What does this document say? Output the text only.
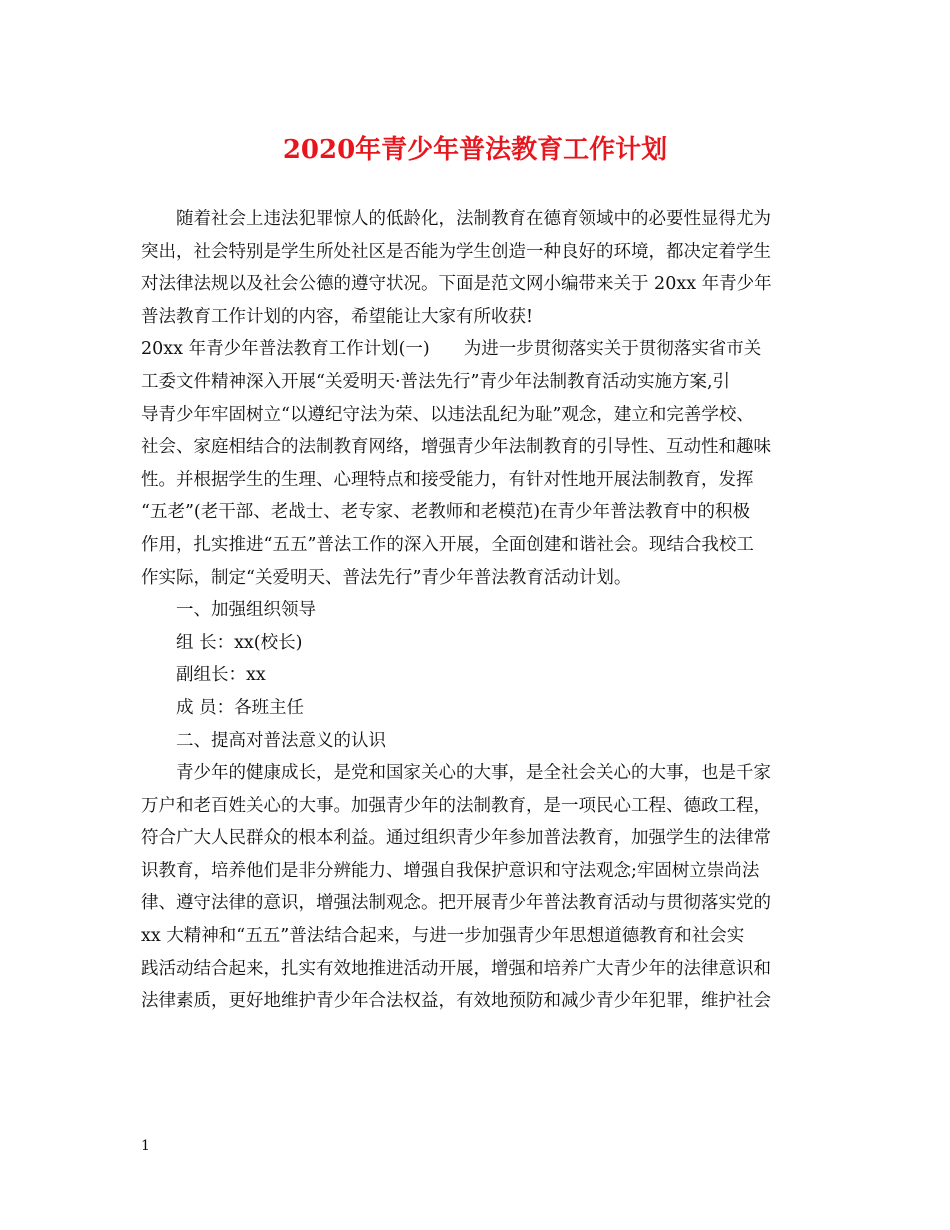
2020年青少年普法教育工作计划
随着社会上违法犯罪惊人的低龄化，法制教育在德育领域中的必要性显得尤为
突出，社会特别是学生所处社区是否能为学生创造一种良好的环境，都决定着学生
对法律法规以及社会公德的遵守状况。下面是范文网小编带来关于 20xx 年青少年
普法教育工作计划的内容，希望能让大家有所收获!
20xx 年青少年普法教育工作计划(一) 为进一步贯彻落实关于贯彻落实省市关
工委文件精神深入开展“关爱明天·普法先行”青少年法制教育活动实施方案,引
导青少年牢固树立“以遵纪守法为荣、以违法乱纪为耻”观念，建立和完善学校、
社会、家庭相结合的法制教育网络，增强青少年法制教育的引导性、互动性和趣味
性。并根据学生的生理、心理特点和接受能力，有针对性地开展法制教育，发挥
“五老”(老干部、老战士、老专家、老教师和老模范)在青少年普法教育中的积极
作用，扎实推进“五五”普法工作的深入开展，全面创建和谐社会。现结合我校工
作实际，制定“关爱明天、普法先行”青少年普法教育活动计划。
一、加强组织领导
组 长：xx(校长)
副组长：xx
成 员：各班主任
二、提高对普法意义的认识
青少年的健康成长，是党和国家关心的大事，是全社会关心的大事，也是千家
万户和老百姓关心的大事。加强青少年的法制教育，是一项民心工程、德政工程，
符合广大人民群众的根本利益。通过组织青少年参加普法教育，加强学生的法律常
识教育，培养他们是非分辨能力、增强自我保护意识和守法观念;牢固树立崇尚法
律、遵守法律的意识，增强法制观念。把开展青少年普法教育活动与贯彻落实党的
xx 大精神和“五五”普法结合起来，与进一步加强青少年思想道德教育和社会实
践活动结合起来，扎实有效地推进活动开展，增强和培养广大青少年的法律意识和
法律素质，更好地维护青少年合法权益，有效地预防和减少青少年犯罪，维护社会
1
